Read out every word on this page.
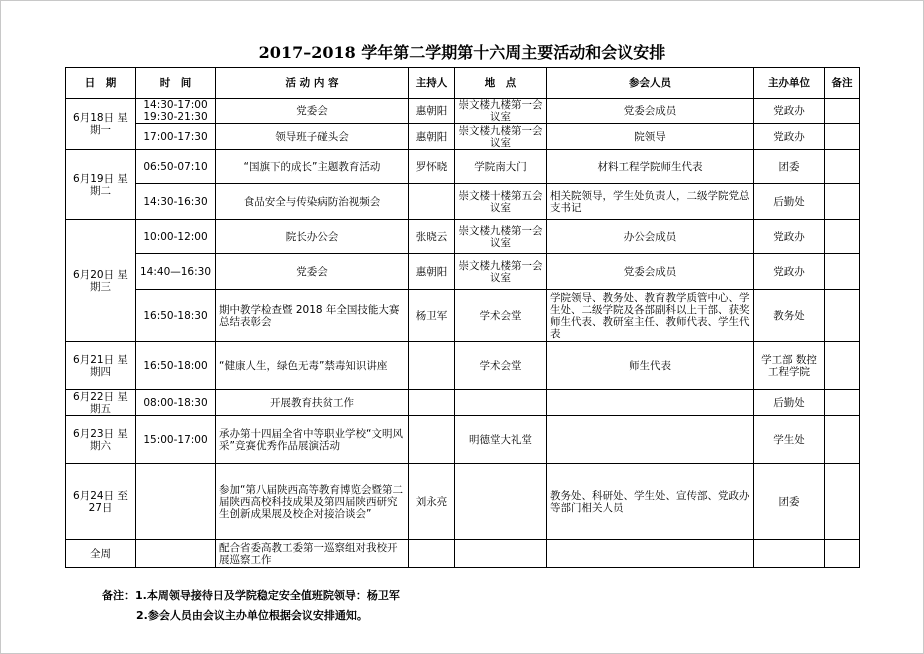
2017–2018 学年第二学期第十六周主要活动和会议安排
日　期	时　间	活 动 内 容	主持人	地　点	参会人员	主办单位	备注
6月18日 星期一	14:30-17:00 19:30-21:30	党委会	惠朝阳	崇文楼九楼第一会议室	党委会成员	党政办	
	17:00-17:30	领导班子碰头会	惠朝阳	崇文楼九楼第一会议室	院领导	党政办	
6月19日 星期二	06:50-07:10	“国旗下的成长”主题教育活动	罗怀晓	学院南大门	材料工程学院师生代表	团委	
	14:30-16:30	食品安全与传染病防治视频会		崇文楼十楼第五会议室	相关院领导，学生处负责人，二级学院党总支书记	后勤处	
6月20日 星期三	10:00-12:00	院长办公会	张晓云	崇文楼九楼第一会议室	办公会成员	党政办	
	14:40—16:30	党委会	惠朝阳	崇文楼九楼第一会议室	党委会成员	党政办	
	16:50-18:30	期中教学检查暨 2018 年全国技能大赛总结表彰会	杨卫军	学术会堂	学院领导、教务处、教育教学质管中心、学生处、二级学院及各部副科以上干部、获奖师生代表、教研室主任、教师代表、学生代表	教务处	
6月21日 星期四	16:50-18:00	“健康人生，绿色无毒”禁毒知识讲座		学术会堂	师生代表	学工部 数控工程学院	
6月22日 星期五	08:00-18:30	开展教育扶贫工作				后勤处	
6月23日 星期六	15:00-17:00	承办第十四届全省中等职业学校“文明风采”竞赛优秀作品展演活动		明德堂大礼堂		学生处	
6月24日 至27日		参加“第八届陕西高等教育博览会暨第二届陕西高校科技成果及第四届陕西研究生创新成果展及校企对接洽谈会”	刘永亮		教务处、科研处、学生处、宣传部、党政办等部门相关人员	团委	
全周		配合省委高教工委第一巡察组对我校开展巡察工作					
备注：1.本周领导接待日及学院稳定安全值班院领导：杨卫军
2.参会人员由会议主办单位根据会议安排通知。
